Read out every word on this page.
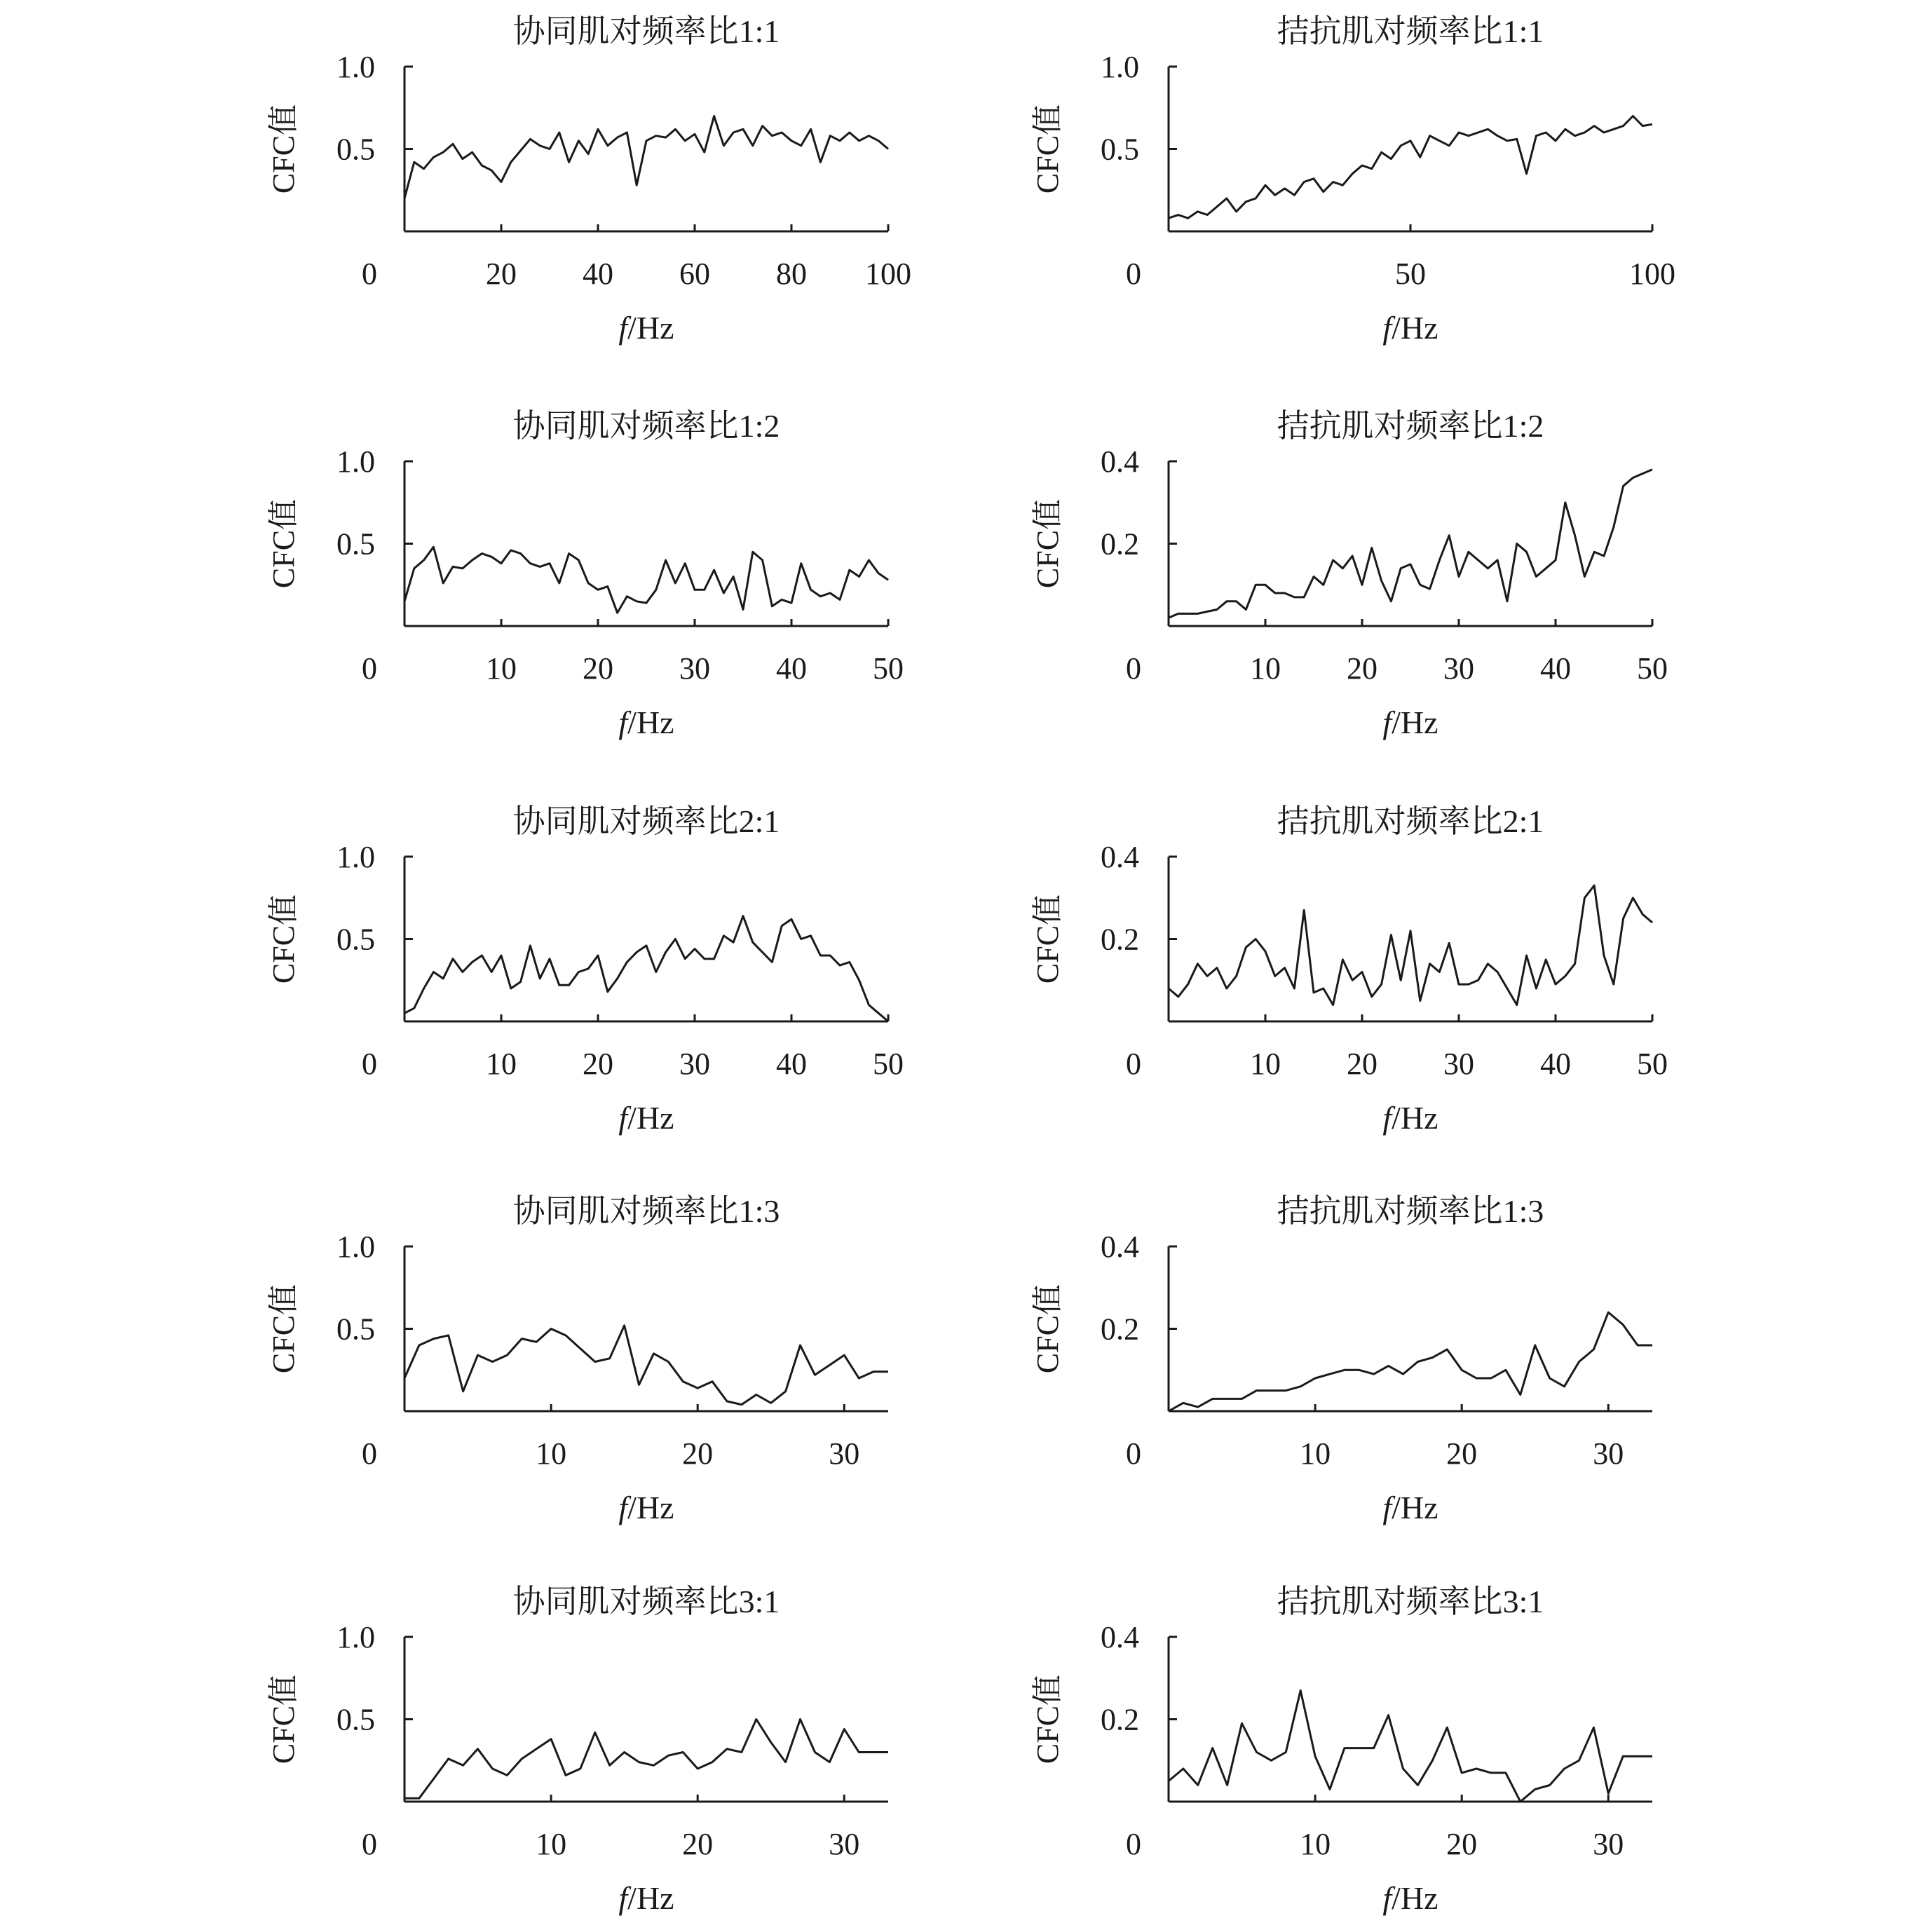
协同肌对频率比1:1
1.0
0.5
0	20 40 60 80 100
f/Hz
CFC值
拮抗肌对频率比1:1
1.0
0.5
0	50	100
f/Hz
CFC值
协同肌对频率比1:2
1.0
0.5
0	10 20 30 40 50
f/Hz
CFC值
拮抗肌对频率比1:2
0.4
0.2
0	10 20 30 40 50
f/Hz
CFC值
协同肌对频率比2:1
1.0
0.5
0	10 20 30 40 50
f/Hz
CFC值
拮抗肌对频率比2:1
0.4
0.2
0	10 20 30 40 50
f/Hz
CFC值
协同肌对频率比1:3
1.0
0.5
0	10	20	30
f/Hz
CFC值
拮抗肌对频率比1:3
0.4
0.2
0	10	20	30
f/Hz
CFC值
协同肌对频率比3:1
1.0
0.5
0	10	20	30
f/Hz
CFC值
拮抗肌对频率比3:1
0.4
0.2
0	10	20	30
f/Hz
CFC值
